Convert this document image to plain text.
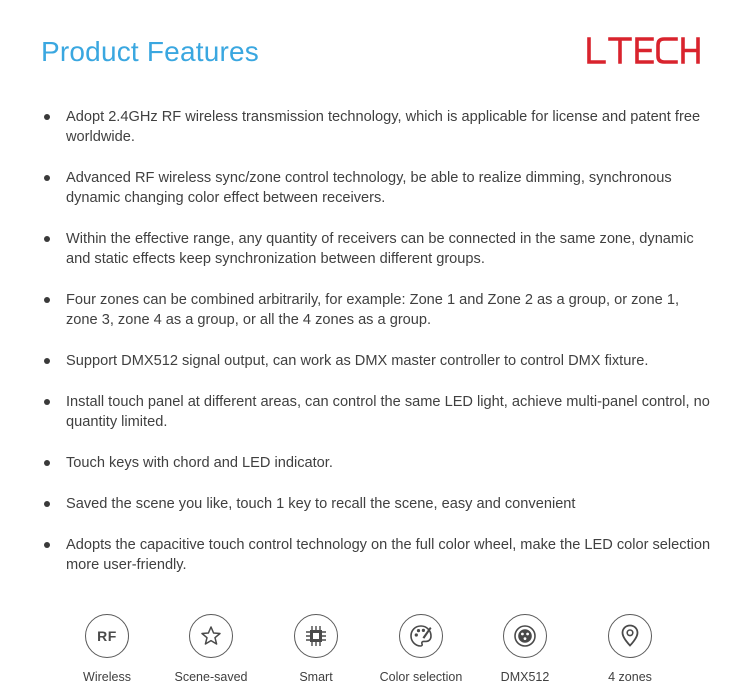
Product Features
Adopt 2.4GHz RF wireless transmission technology, which is applicable for license and patent free worldwide.
Advanced RF wireless sync/zone control technology, be able to realize dimming, synchronous dynamic changing color effect between receivers.
Within the effective range, any quantity of receivers can be connected in the same zone, dynamic and static effects keep synchronization between different groups.
Four zones can be combined arbitrarily, for example: Zone 1 and Zone 2 as a group, or zone 1, zone 3, zone 4 as a group, or all the 4 zones as a group.
Support DMX512 signal output, can work as DMX master controller to control DMX fixture.
Install touch panel at different areas, can control the same LED light, achieve multi-panel control, no quantity limited.
Touch keys with chord and LED indicator.
Saved the scene you like, touch 1 key to recall the scene, easy and convenient
Adopts the capacitive touch control technology on the full color wheel, make the LED color selection more user-friendly.
RF
Wireless	Scene-saved	Smart	Color selection	DMX512	4 zones
